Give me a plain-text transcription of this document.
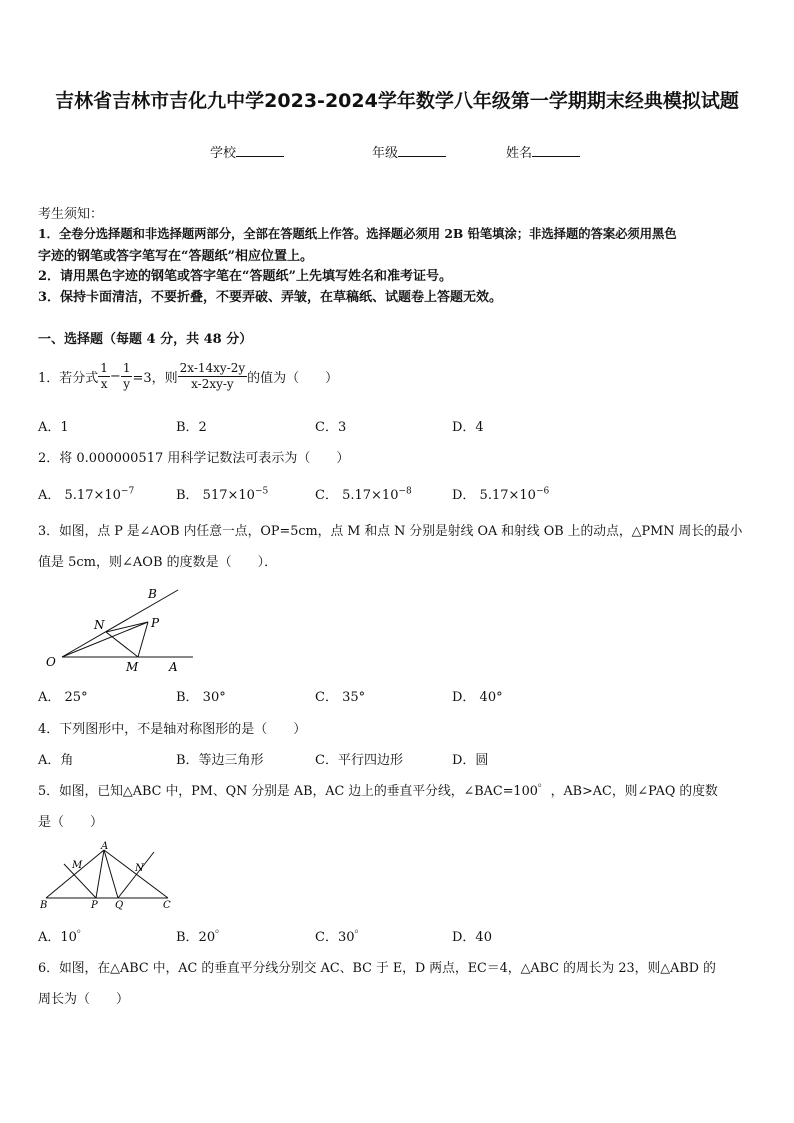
吉林省吉林市吉化九中学2023-2024学年数学八年级第一学期期末经典模拟试题
学校	年级	姓名
考生须知：
1．全卷分选择题和非选择题两部分，全部在答题纸上作答。选择题必须用 2B 铅笔填涂；非选择题的答案必须用黑色
字迹的钢笔或答字笔写在“答题纸”相应位置上。
2．请用黑色字迹的钢笔或答字笔在“答题纸”上先填写姓名和准考证号。
3．保持卡面清洁，不要折叠，不要弄破、弄皱，在草稿纸、试题卷上答题无效。
一、选择题（每题 4 分，共 48 分）
1．若分式 $\frac{1}{x} - \frac{1}{y} =3$，则 $\frac{2x-14xy-2y}{x-2xy-y}$ 的值为（　　）
A．1	B．2	C．3	D．4
2．将 0.000000517 用科学记数法可表示为（　　）
A． $5.17\times 10^{-7}$	B． $517\times 10^{-5}$	C． $5.17\times 10^{-8}$	D． $5.17\times 10^{-6}$
3．如图，点 P 是∠AOB 内任意一点，OP=5cm，点 M 和点 N 分别是射线 OA 和射线 OB 上的动点，△PMN 周长的最小
值是 5cm，则∠AOB 的度数是（　　）．
B
N	P
O	M	A
A． 25°	B． 30°	C． 35°	D． 40°
4．下列图形中，不是轴对称图形的是（　　）
A．角	B．等边三角形	C．平行四边形	D．圆
5．如图，已知△ABC 中，PM、QN 分别是 AB，AC 边上的垂直平分线，∠BAC=100゜，AB>AC，则∠PAQ 的度数
是（　　）
A
M	N
B	P Q	C
A．10゜	B．20゜	C．30゜	D．40
6．如图，在△ABC 中，AC 的垂直平分线分别交 AC、BC 于 E，D 两点，EC＝4，△ABC 的周长为 23，则△ABD 的
周长为（　　）
